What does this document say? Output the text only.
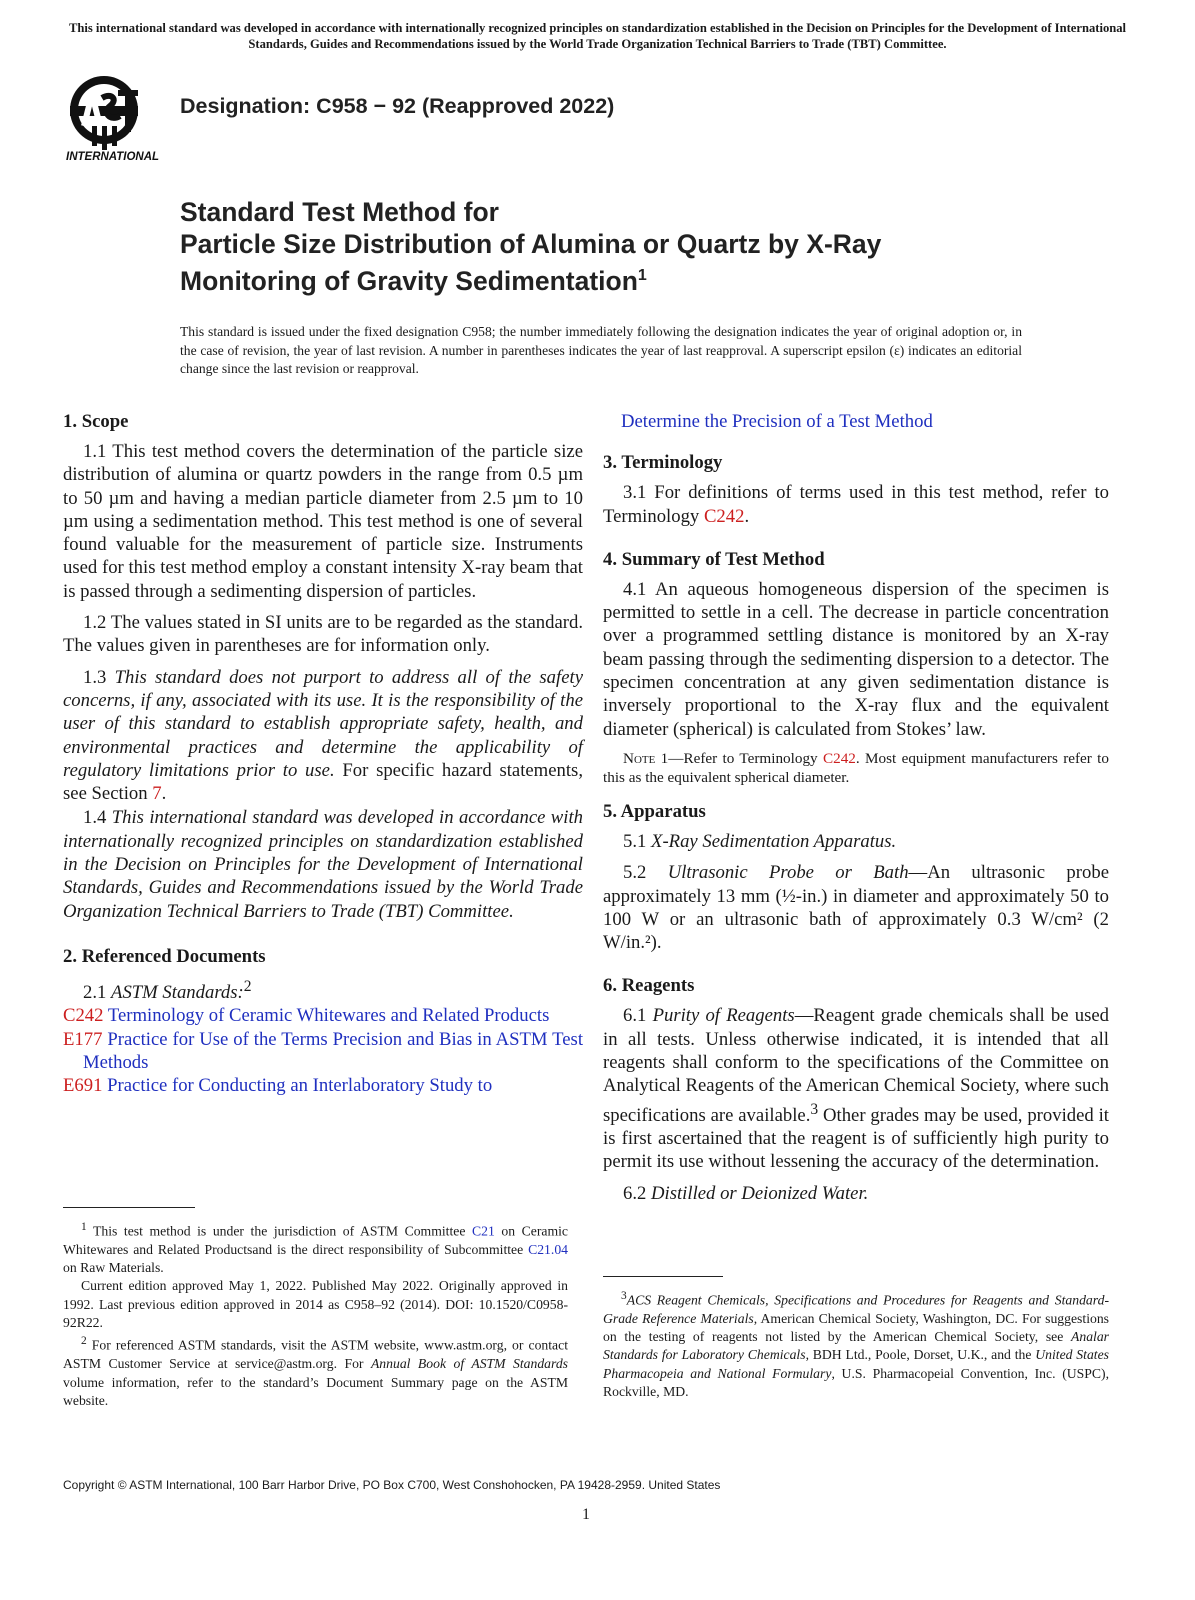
This international standard was developed in accordance with internationally recognized principles on standardization established in the Decision on Principles for the Development of International Standards, Guides and Recommendations issued by the World Trade Organization Technical Barriers to Trade (TBT) Committee.
INTERNATIONAL
Designation: C958 − 92 (Reapproved 2022)
Standard Test Method for
Particle Size Distribution of Alumina or Quartz by X-Ray
Monitoring of Gravity Sedimentation$^1$
This standard is issued under the fixed designation C958; the number immediately following the designation indicates the year of original adoption or, in the case of revision, the year of last revision. A number in parentheses indicates the year of last reapproval. A superscript epsilon (ε) indicates an editorial change since the last revision or reapproval.
1. Scope

1.1 This test method covers the determination of the particle size distribution of alumina or quartz powders in the range from 0.5 µm to 50 µm and having a median particle diameter from 2.5 µm to 10 µm using a sedimentation method. This test method is one of several found valuable for the measurement of particle size. Instruments used for this test method employ a constant intensity X-ray beam that is passed through a sedimenting dispersion of particles.

1.2 The values stated in SI units are to be regarded as the standard. The values given in parentheses are for information only.

1.3 This standard does not purport to address all of the safety concerns, if any, associated with its use. It is the responsibility of the user of this standard to establish appropriate safety, health, and environmental practices and determine the applicability of regulatory limitations prior to use. For specific hazard statements, see Section 7.

1.4 This international standard was developed in accordance with internationally recognized principles on standardization established in the Decision on Principles for the Development of International Standards, Guides and Recommendations issued by the World Trade Organization Technical Barriers to Trade (TBT) Committee.

2. Referenced Documents

2.1 ASTM Standards:$^2$

C242 Terminology of Ceramic Whitewares and Related Products

E177 Practice for Use of the Terms Precision and Bias in ASTM Test Methods

E691 Practice for Conducting an Interlaboratory Study to

$^1$ This test method is under the jurisdiction of ASTM Committee C21 on Ceramic Whitewares and Related Productsand is the direct responsibility of Subcommittee C21.04 on Raw Materials.

Current edition approved May 1, 2022. Published May 2022. Originally approved in 1992. Last previous edition approved in 2014 as C958–92 (2014). DOI: 10.1520/C0958-92R22.

$^2$ For referenced ASTM standards, visit the ASTM website, www.astm.org, or contact ASTM Customer Service at service@astm.org. For Annual Book of ASTM Standards volume information, refer to the standard’s Document Summary page on the ASTM website.

Determine the Precision of a Test Method

3. Terminology

3.1 For definitions of terms used in this test method, refer to Terminology C242.

4. Summary of Test Method

4.1 An aqueous homogeneous dispersion of the specimen is permitted to settle in a cell. The decrease in particle concentration over a programmed settling distance is monitored by an X-ray beam passing through the sedimenting dispersion to a detector. The specimen concentration at any given sedimentation distance is inversely proportional to the X-ray flux and the equivalent diameter (spherical) is calculated from Stokes’ law.

Note 1—Refer to Terminology C242. Most equipment manufacturers refer to this as the equivalent spherical diameter.

5. Apparatus

5.1 X-Ray Sedimentation Apparatus.

5.2 Ultrasonic Probe or Bath—An ultrasonic probe approximately 13 mm (½-in.) in diameter and approximately 50 to 100 W or an ultrasonic bath of approximately 0.3 W/cm² (2 W/in.²).

6. Reagents

6.1 Purity of Reagents—Reagent grade chemicals shall be used in all tests. Unless otherwise indicated, it is intended that all reagents shall conform to the specifications of the Committee on Analytical Reagents of the American Chemical Society, where such specifications are available.$^3$ Other grades may be used, provided it is first ascertained that the reagent is of sufficiently high purity to permit its use without lessening the accuracy of the determination.

6.2 Distilled or Deionized Water.

$^3$ACS Reagent Chemicals, Specifications and Procedures for Reagents and Standard-Grade Reference Materials, American Chemical Society, Washington, DC. For suggestions on the testing of reagents not listed by the American Chemical Society, see Analar Standards for Laboratory Chemicals, BDH Ltd., Poole, Dorset, U.K., and the United States Pharmacopeia and National Formulary, U.S. Pharmacopeial Convention, Inc. (USPC), Rockville, MD.

Copyright © ASTM International, 100 Barr Harbor Drive, PO Box C700, West Conshohocken, PA 19428-2959. United States
1
